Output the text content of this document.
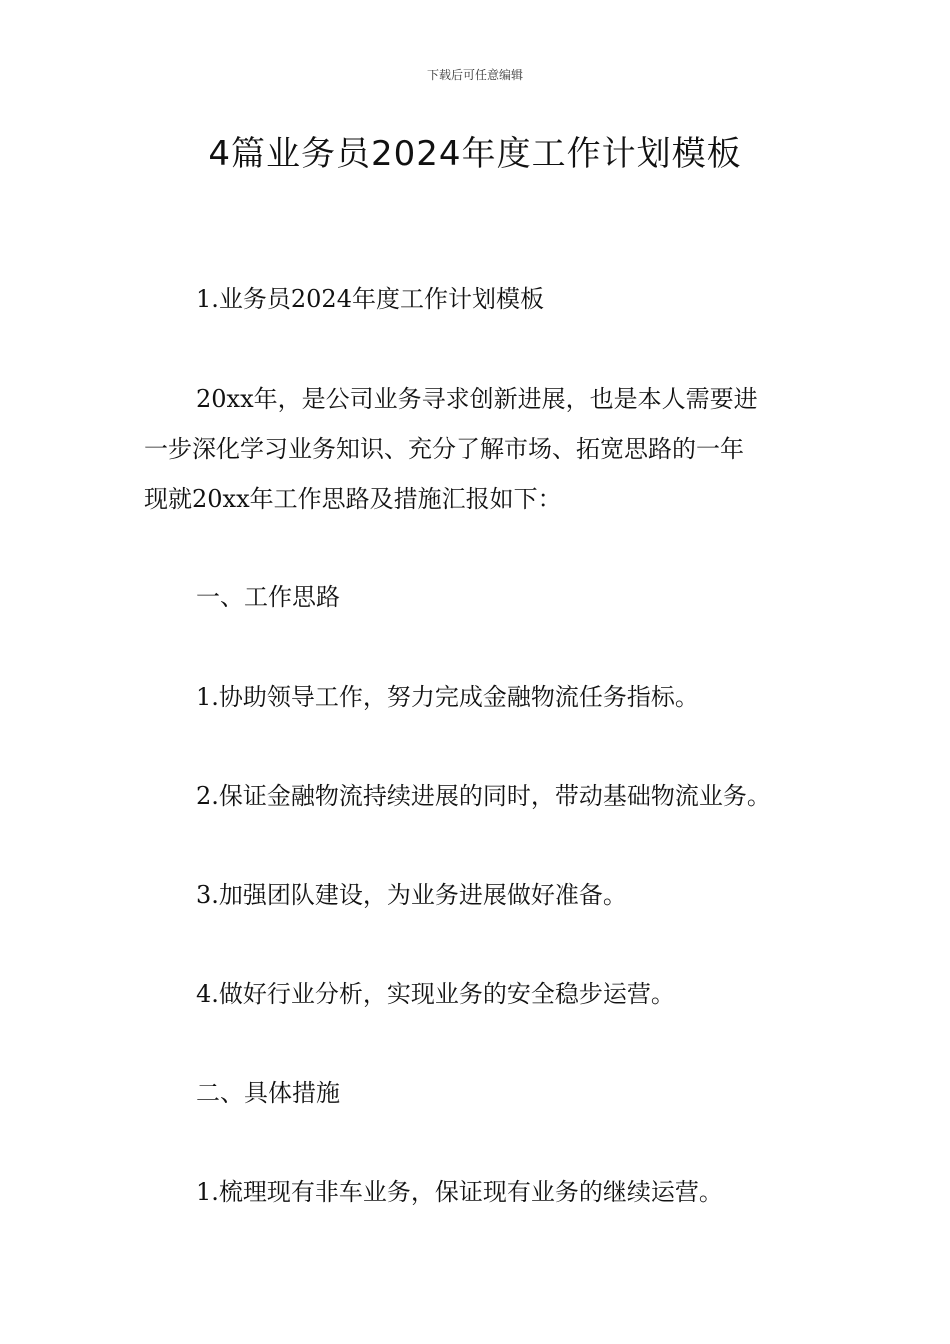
下载后可任意编辑
4篇业务员2024年度工作计划模板
1.业务员2024年度工作计划模板
20xx年，是公司业务寻求创新进展，也是本人需要进
一步深化学习业务知识、充分了解市场、拓宽思路的一年
现就20xx年工作思路及措施汇报如下：
一、工作思路
1.协助领导工作，努力完成金融物流任务指标。
2.保证金融物流持续进展的同时，带动基础物流业务。
3.加强团队建设，为业务进展做好准备。
4.做好行业分析，实现业务的安全稳步运营。
二、具体措施
1.梳理现有非车业务，保证现有业务的继续运营。
